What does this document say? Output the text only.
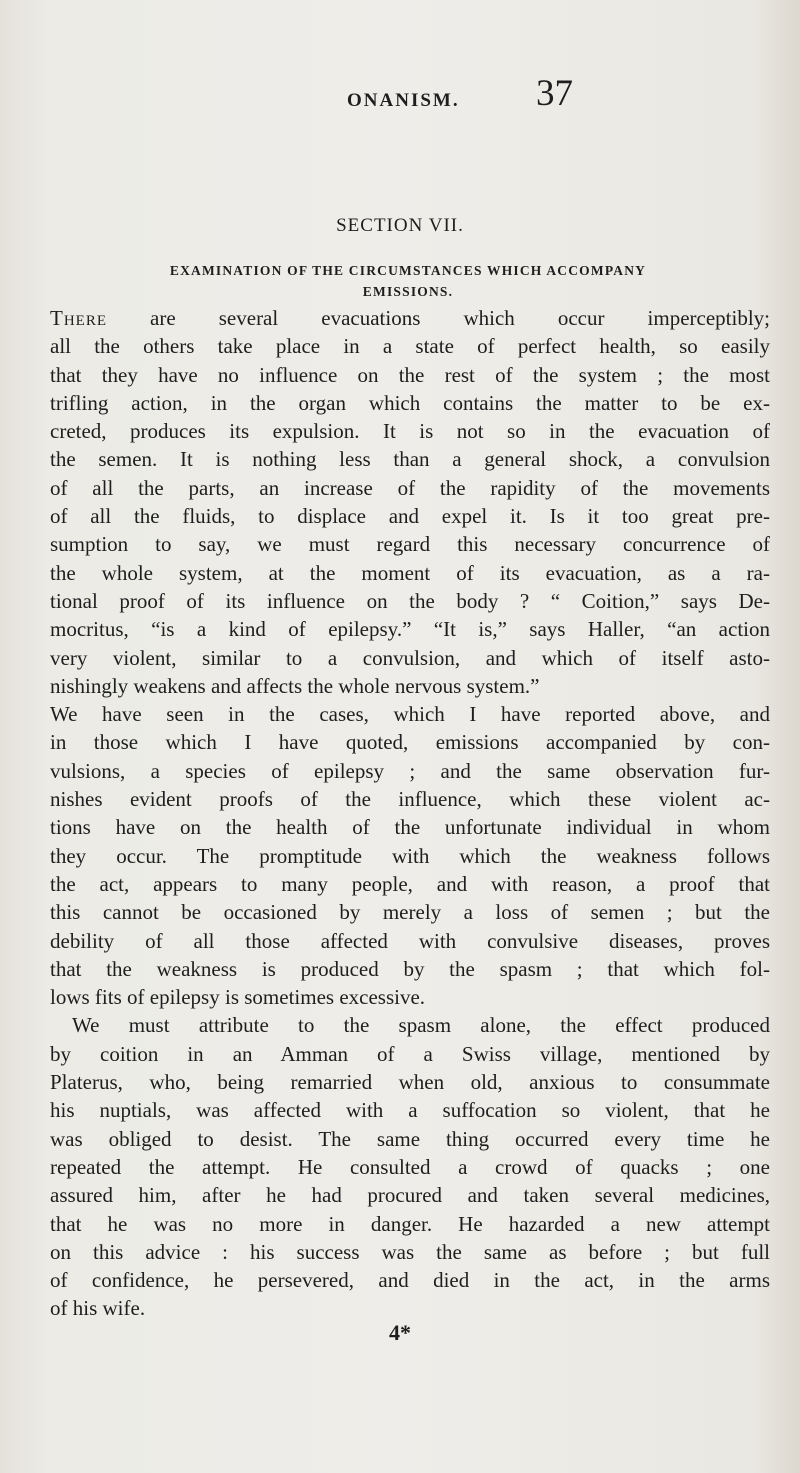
ONANISM. 37
SECTION VII.
EXAMINATION OF THE CIRCUMSTANCES WHICH ACCOMPANY
EMISSIONS.
There are several evacuations which occur imperceptibly;
all the others take place in a state of perfect health, so easily
that they have no influence on the rest of the system ; the most
trifling action, in the organ which contains the matter to be ex-
creted, produces its expulsion. It is not so in the evacuation of
the semen. It is nothing less than a general shock, a convulsion
of all the parts, an increase of the rapidity of the movements
of all the fluids, to displace and expel it. Is it too great pre-
sumption to say, we must regard this necessary concurrence of
the whole system, at the moment of its evacuation, as a ra-
tional proof of its influence on the body ? “ Coition,” says De-
mocritus, “is a kind of epilepsy.” “It is,” says Haller, “an action
very violent, similar to a convulsion, and which of itself asto-
nishingly weakens and affects the whole nervous system.”
We have seen in the cases, which I have reported above, and
in those which I have quoted, emissions accompanied by con-
vulsions, a species of epilepsy ; and the same observation fur-
nishes evident proofs of the influence, which these violent ac-
tions have on the health of the unfortunate individual in whom
they occur. The promptitude with which the weakness follows
the act, appears to many people, and with reason, a proof that
this cannot be occasioned by merely a loss of semen ; but the
debility of all those affected with convulsive diseases, proves
that the weakness is produced by the spasm ; that which fol-
lows fits of epilepsy is sometimes excessive.
We must attribute to the spasm alone, the effect produced
by coition in an Amman of a Swiss village, mentioned by
Platerus, who, being remarried when old, anxious to consummate
his nuptials, was affected with a suffocation so violent, that he
was obliged to desist. The same thing occurred every time he
repeated the attempt. He consulted a crowd of quacks ; one
assured him, after he had procured and taken several medicines,
that he was no more in danger. He hazarded a new attempt
on this advice : his success was the same as before ; but full
of confidence, he persevered, and died in the act, in the arms
of his wife.
4*
